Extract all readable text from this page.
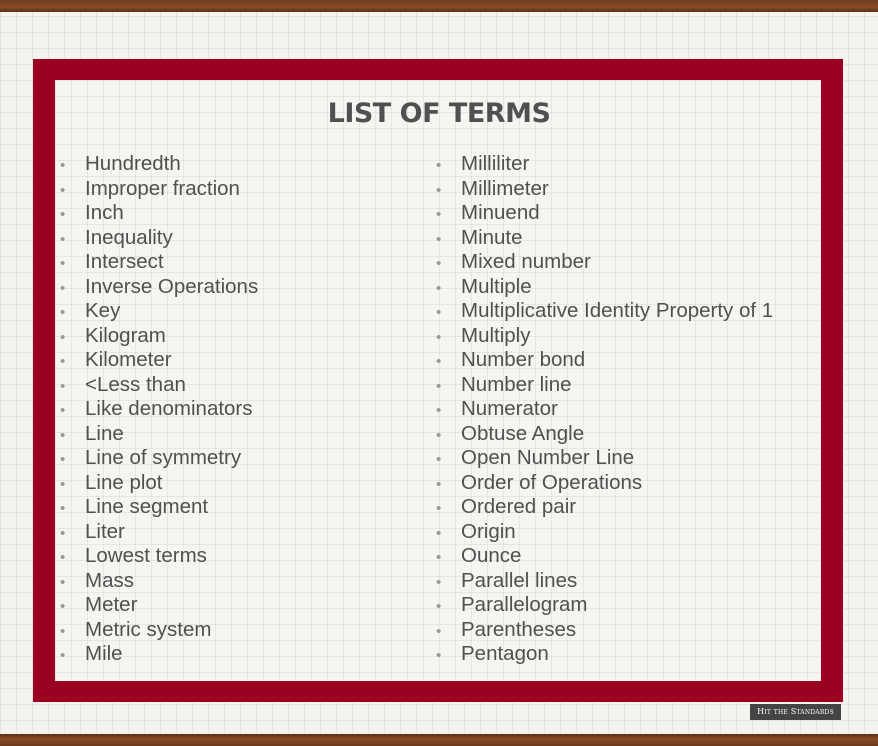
LIST OF TERMS
• Hundredth
• Improper fraction
• Inch
• Inequality
• Intersect
• Inverse Operations
• Key
• Kilogram
• Kilometer
• <Less than
• Like denominators
• Line
• Line of symmetry
• Line plot
• Line segment
• Liter
• Lowest terms
• Mass
• Meter
• Metric system
• Mile
• Milliliter
• Millimeter
• Minuend
• Minute
• Mixed number
• Multiple
• Multiplicative Identity Property of 1
• Multiply
• Number bond
• Number line
• Numerator
• Obtuse Angle
• Open Number Line
• Order of Operations
• Ordered pair
• Origin
• Ounce
• Parallel lines
• Parallelogram
• Parentheses
• Pentagon
Hit the Standards
